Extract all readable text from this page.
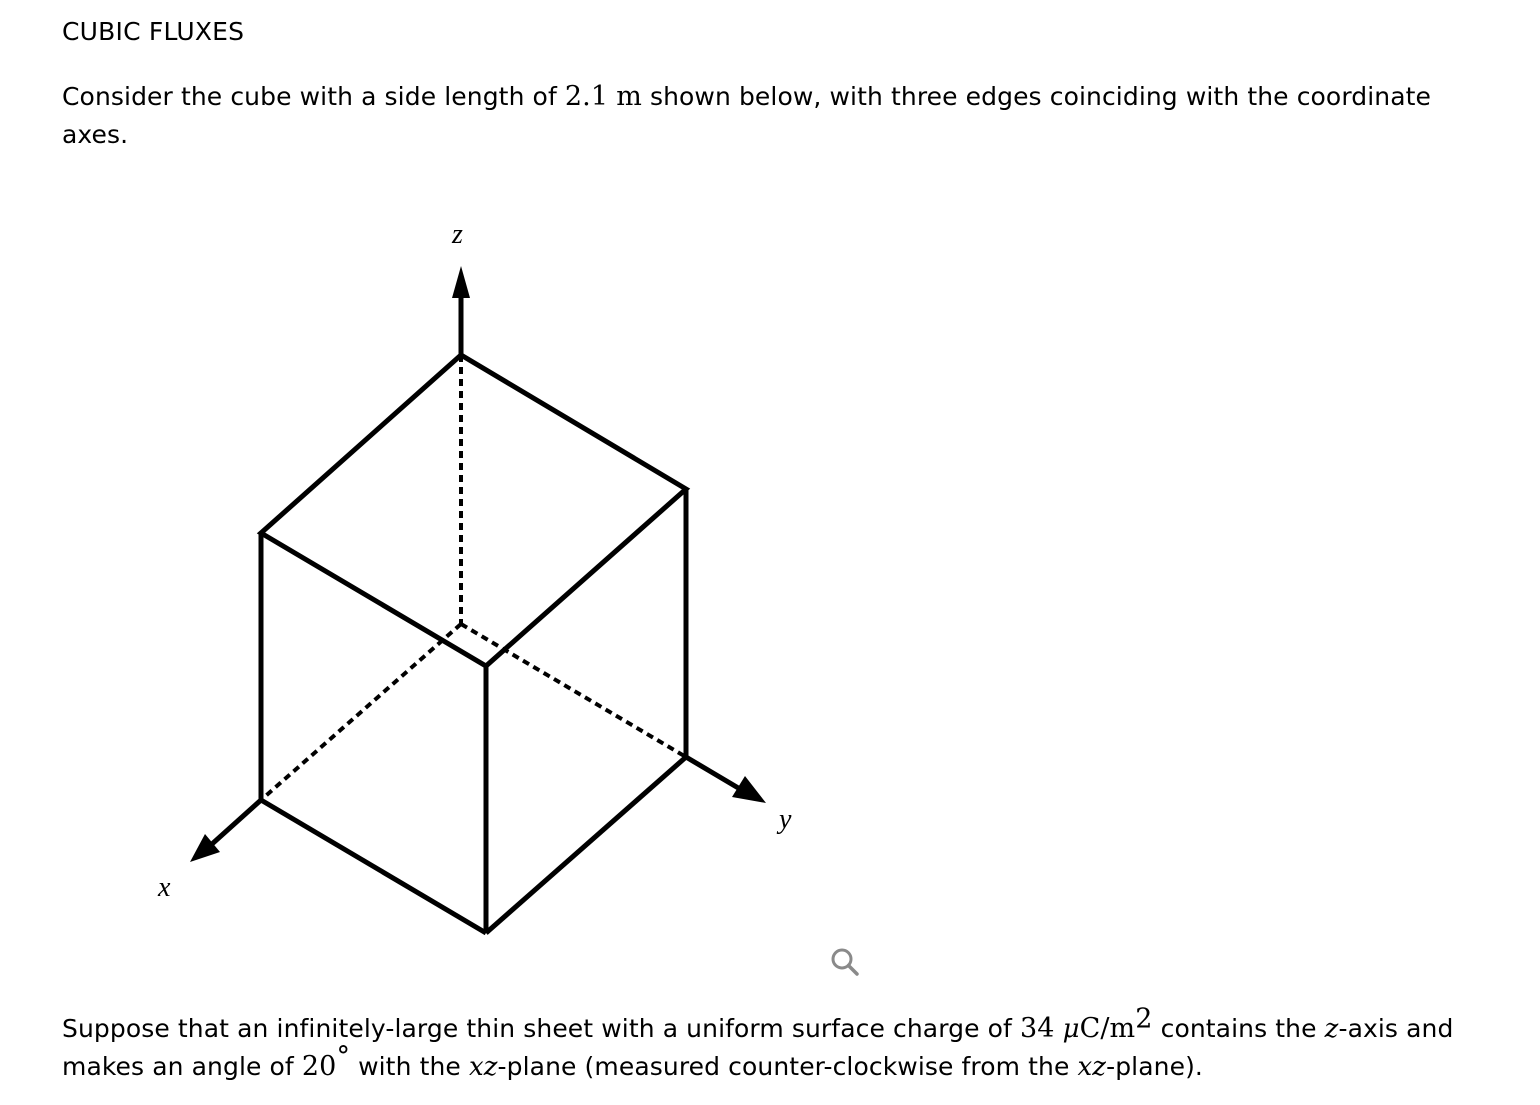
CUBIC FLUXES
Consider the cube with a side length of 2.1 m shown below, with three edges coinciding with the coordinate axes.
z
x
y
Suppose that an infinitely-large thin sheet with a uniform surface charge of 34 $\mu C/m^2$ contains the z-axis and makes an angle of 20° with the xz-plane (measured counter-clockwise from the xz-plane).
